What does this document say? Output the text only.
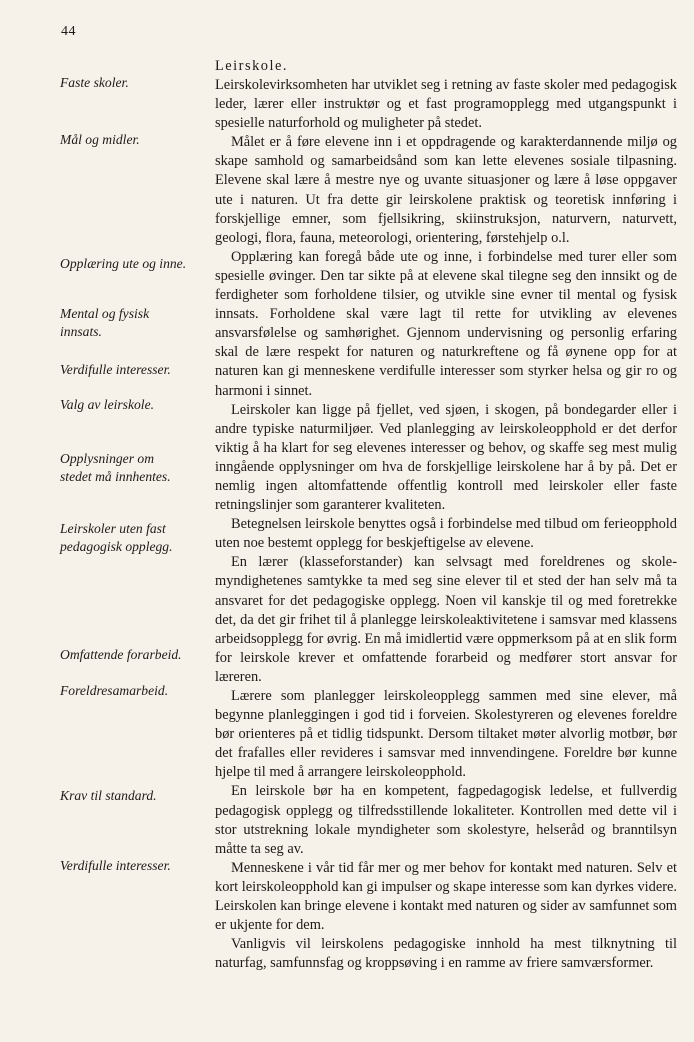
44
Faste skoler.
Mål og midler.
Opplæring ute og inne.
Mental og fysisk
innsats.
Verdifulle interesser.
Valg av leirskole.
Opplysninger om
stedet må innhentes.
Leirskoler uten fast
pedagogisk opplegg.
Omfattende forarbeid.
Foreldresamarbeid.
Krav til standard.
Verdifulle interesser.
Leirskole.

Leirskolevirksomheten har utviklet seg i retning av faste skoler med pedagogisk leder, lærer eller instruktør og et fast programopplegg med utgangspunkt i spesielle naturforhold og muligheter på stedet.

Målet er å føre elevene inn i et oppdragende og karakterdannende miljø og skape samhold og samarbeidsånd som kan lette elevenes sosiale tilpasning. Elevene skal lære å mestre nye og uvante situasjoner og lære å løse oppgaver ute i naturen. Ut fra dette gir leirskolene praktisk og teoretisk innføring i forskjellige emner, som fjellsikring, skiinstruksjon, naturvern, naturvett, geologi, flora, fauna, meteorologi, orientering, førstehjelp o.l.

Opplæring kan foregå både ute og inne, i forbindelse med turer eller som spesielle øvinger. Den tar sikte på at elevene skal tilegne seg den innsikt og de ferdigheter som forholdene tilsier, og utvikle sine evner til mental og fysisk innsats. Forholdene skal være lagt til rette for utvikling av elevenes ansvarsfølelse og samhørighet. Gjennom undervisning og personlig erfaring skal de lære respekt for naturen og naturkreftene og få øynene opp for at naturen kan gi menneskene verdifulle interesser som styrker helsa og gir ro og harmoni i sinnet.

Leirskoler kan ligge på fjellet, ved sjøen, i skogen, på bondegarder eller i andre typiske naturmiljøer. Ved planlegging av leirskoleopphold er det derfor viktig å ha klart for seg elevenes interesser og behov, og skaffe seg mest mulig inngående opplysninger om hva de forskjellige leirskolene har å by på. Det er nemlig ingen altomfattende offentlig kontroll med leirskoler eller faste retningslinjer som garanterer kvaliteten.

Betegnelsen leirskole benyttes også i forbindelse med tilbud om ferieopphold uten noe bestemt opplegg for beskjeftigelse av elevene.

En lærer (klasseforstander) kan selvsagt med foreldrenes og skolemyndighetenes samtykke ta med seg sine elever til et sted der han selv må ta ansvaret for det pedagogiske opplegg. Noen vil kanskje til og med foretrekke det, da det gir frihet til å planlegge leirskoleaktivitetene i samsvar med klassens arbeidsopplegg for øvrig. En må imidlertid være oppmerksom på at en slik form for leirskole krever et omfattende forarbeid og medfører stort ansvar for læreren.

Lærere som planlegger leirskoleopplegg sammen med sine elever, må begynne planleggingen i god tid i forveien. Skolestyreren og elevenes foreldre bør orienteres på et tidlig tidspunkt. Dersom tiltaket møter alvorlig motbør, bør det frafalles eller revideres i samsvar med innvendingene. Foreldre bør kunne hjelpe til med å arrangere leirskoleopphold.

En leirskole bør ha en kompetent, fagpedagogisk ledelse, et fullverdig pedagogisk opplegg og tilfredsstillende lokaliteter. Kontrollen med dette vil i stor utstrekning lokale myndigheter som skolestyre, helseråd og branntilsyn måtte ta seg av.

Menneskene i vår tid får mer og mer behov for kontakt med naturen. Selv et kort leirskoleopphold kan gi impulser og skape interesse som kan dyrkes videre. Leirskolen kan bringe elevene i kontakt med naturen og sider av samfunnet som er ukjente for dem.

Vanligvis vil leirskolens pedagogiske innhold ha mest tilknytning til naturfag, samfunnsfag og kroppsøving i en ramme av friere samværsformer.
